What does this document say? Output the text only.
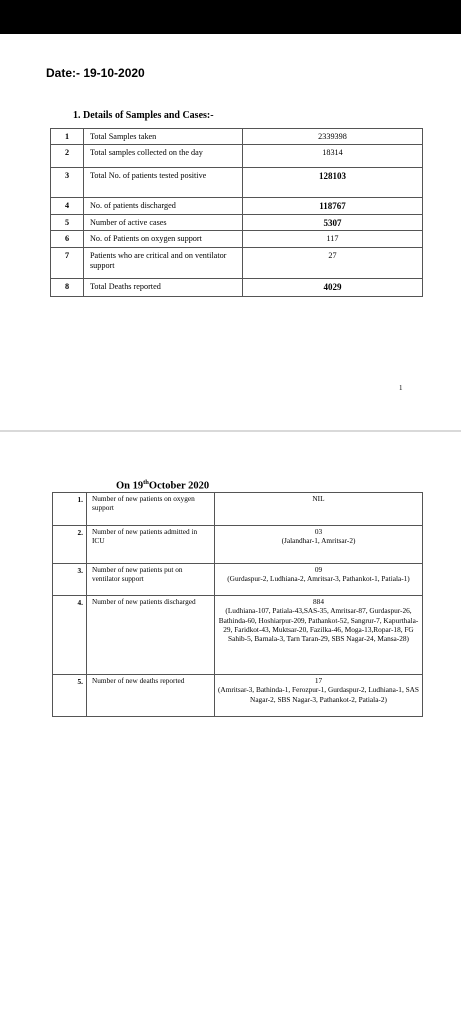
Date:- 19-10-2020
1. Details of Samples and Cases:-
1	Total Samples taken	2339398
2	Total samples collected on the day	18314
3	Total No. of patients tested positive	128103
4	No. of patients discharged	118767
5	Number of active cases	5307
6	No. of Patients on oxygen support	117
7	Patients who are critical and on ventilator support	27
8	Total Deaths reported	4029
1
On 19thOctober 2020
1.	Number of new patients on oxygen support	NIL

2.	Number of new patients admitted in ICU	03
(Jalandhar-1, Amritsar-2)

3.	Number of new patients put on ventilator support	09
(Gurdaspur-2, Ludhiana-2, Amritsar-3, Pathankot-1, Patiala-1)

4.	Number of new patients discharged	884
(Ludhiana-107, Patiala-43,SAS-35, Amritsar-87, Gurdaspur-26, Bathinda-60, Hoshiarpur-209, Pathankot-52, Sangrur-7, Kapurthala-29, Faridkot-43, Muktsar-20, Fazilka-46, Moga-13,Ropar-18, FG Sahib-5, Barnala-3, Tarn Taran-29, SBS Nagar-24, Mansa-28)

5.	Number of new deaths reported	17
(Amritsar-3, Bathinda-1, Ferozpur-1, Gurdaspur-2, Ludhiana-1, SAS Nagar-2, SBS Nagar-3, Pathankot-2, Patiala-2)
